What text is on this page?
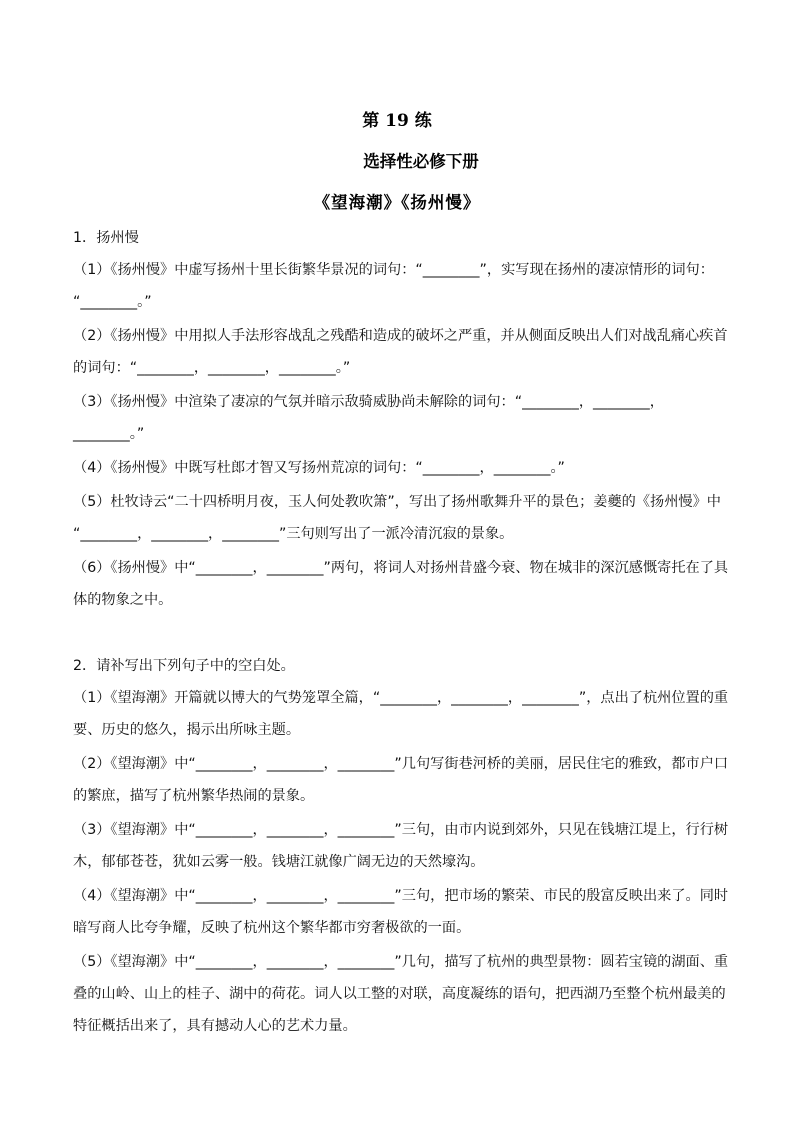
第 19 练
选择性必修下册
《望海潮》《扬州慢》
1．扬州慢
（1）《扬州慢》中虚写扬州十里长街繁华景况的词句：“________”，实写现在扬州的凄凉情形的词句：
“________。”
（2）《扬州慢》中用拟人手法形容战乱之残酷和造成的破坏之严重，并从侧面反映出人们对战乱痛心疾首
的词句：“________，________，________。”
（3）《扬州慢》中渲染了凄凉的气氛并暗示敌骑威胁尚未解除的词句：“________，________，
________。”
（4）《扬州慢》中既写杜郎才智又写扬州荒凉的词句：“________，________。”
（5）杜牧诗云“二十四桥明月夜，玉人何处教吹箫”，写出了扬州歌舞升平的景色；姜夔的《扬州慢》中
“________，________，________”三句则写出了一派冷清沉寂的景象。
（6）《扬州慢》中“________，________”两句，将词人对扬州昔盛今衰、物在城非的深沉感慨寄托在了具
体的物象之中。
2．请补写出下列句子中的空白处。
（1）《望海潮》开篇就以博大的气势笼罩全篇，“________，________，________”，点出了杭州位置的重
要、历史的悠久，揭示出所咏主题。
（2）《望海潮》中“________，________，________”几句写街巷河桥的美丽，居民住宅的雅致，都市户口
的繁庶，描写了杭州繁华热闹的景象。
（3）《望海潮》中“________，________，________”三句，由市内说到郊外，只见在钱塘江堤上，行行树
木，郁郁苍苍，犹如云雾一般。钱塘江就像广阔无边的天然壕沟。
（4）《望海潮》中“________，________，________”三句，把市场的繁荣、市民的殷富反映出来了。同时
暗写商人比夸争耀，反映了杭州这个繁华都市穷奢极欲的一面。
（5）《望海潮》中“________，________，________”几句，描写了杭州的典型景物：圆若宝镜的湖面、重
叠的山岭、山上的桂子、湖中的荷花。词人以工整的对联，高度凝练的语句，把西湖乃至整个杭州最美的
特征概括出来了，具有撼动人心的艺术力量。
